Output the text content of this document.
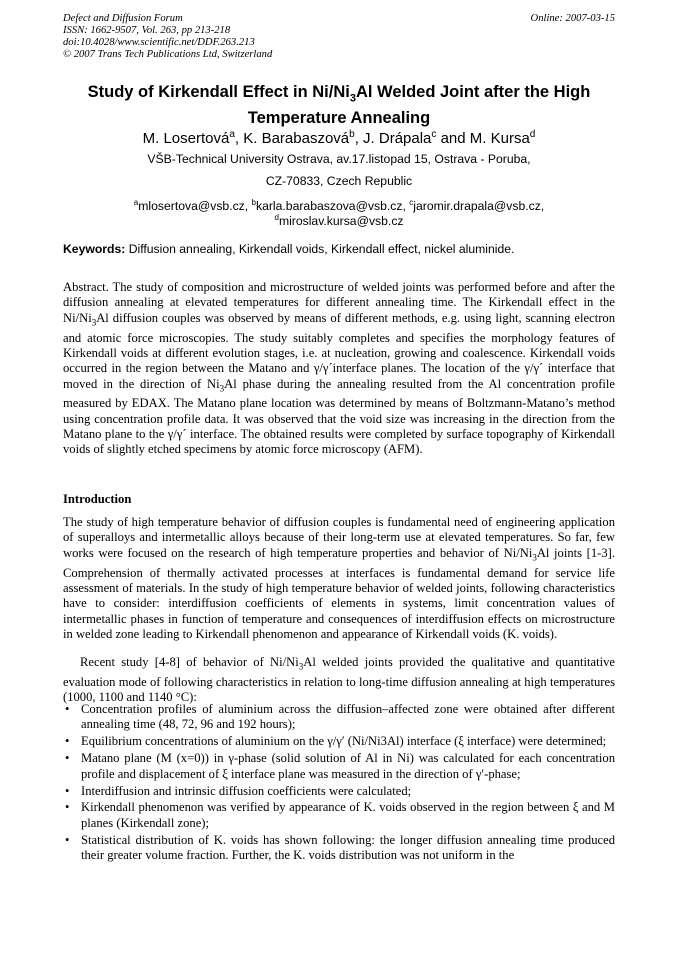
Defect and Diffusion Forum
ISSN: 1662-9507, Vol. 263, pp 213-218
doi:10.4028/www.scientific.net/DDF.263.213
© 2007 Trans Tech Publications Ltd, Switzerland
Online: 2007-03-15
Study of Kirkendall Effect in $Ni/Ni_3Al$ Welded Joint after the High Temperature Annealing
M. Losertová$^a$, K. Barabaszová$^b$, J. Drápala$^c$ and M. Kursa$^d$
VŠB-Technical University Ostrava, av.17.listopad 15, Ostrava - Poruba,
CZ-70833, Czech Republic
$^a$mlosertova@vsb.cz, $^b$karla.barabaszova@vsb.cz, $^c$jaromir.drapala@vsb.cz,
$^d$miroslav.kursa@vsb.cz
Keywords: Diffusion annealing, Kirkendall voids, Kirkendall effect, nickel aluminide.
Abstract. The study of composition and microstructure of welded joints was performed before and after the diffusion annealing at elevated temperatures for different annealing time. The Kirkendall effect in the $Ni/Ni_3Al$ diffusion couples was observed by means of different methods, e.g. using light, scanning electron and atomic force microscopies. The study suitably completes and specifies the morphology features of Kirkendall voids at different evolution stages, i.e. at nucleation, growing and coalescence. Kirkendall voids occurred in the region between the Matano and γ/γ´interface planes. The location of the γ/γ´ interface that moved in the direction of $Ni_3Al$ phase during the annealing resulted from the Al concentration profile measured by EDAX. The Matano plane location was determined by means of Boltzmann-Matano’s method using concentration profile data. It was observed that the void size was increasing in the direction from the Matano plane to the γ/γ´ interface. The obtained results were completed by surface topography of Kirkendall voids of slightly etched specimens by atomic force microscopy (AFM).
Introduction
The study of high temperature behavior of diffusion couples is fundamental need of engineering application of superalloys and intermetallic alloys because of their long-term use at elevated temperatures. So far, few works were focused on the research of high temperature properties and behavior of $Ni/Ni_3Al$ joints [1-3]. Comprehension of thermally activated processes at interfaces is fundamental demand for service life assessment of materials. In the study of high temperature behavior of welded joints, following characteristics have to consider: interdiffusion coefficients of elements in systems, limit concentration values of intermetallic phases in function of temperature and consequences of interdiffusion effects on microstructure in welded zone leading to Kirkendall phenomenon and appearance of Kirkendall voids (K. voids).
Recent study [4-8] of behavior of $Ni/Ni_3Al$ welded joints provided the qualitative and quantitative evaluation mode of following characteristics in relation to long-time diffusion annealing at high temperatures (1000, 1100 and 1140 °C):
• Concentration profiles of aluminium across the diffusion–affected zone were obtained after different annealing time (48, 72, 96 and 192 hours);
• Equilibrium concentrations of aluminium on the γ/γ′ (Ni/Ni3Al) interface (ξ interface) were determined;
• Matano plane (M (x=0)) in γ-phase (solid solution of Al in Ni) was calculated for each concentration profile and displacement of ξ interface plane was measured in the direction of γ′-phase;
• Interdiffusion and intrinsic diffusion coefficients were calculated;
• Kirkendall phenomenon was verified by appearance of K. voids observed in the region between ξ and M planes (Kirkendall zone);
• Statistical distribution of K. voids has shown following: the longer diffusion annealing time produced their greater volume fraction. Further, the K. voids distribution was not uniform in the
